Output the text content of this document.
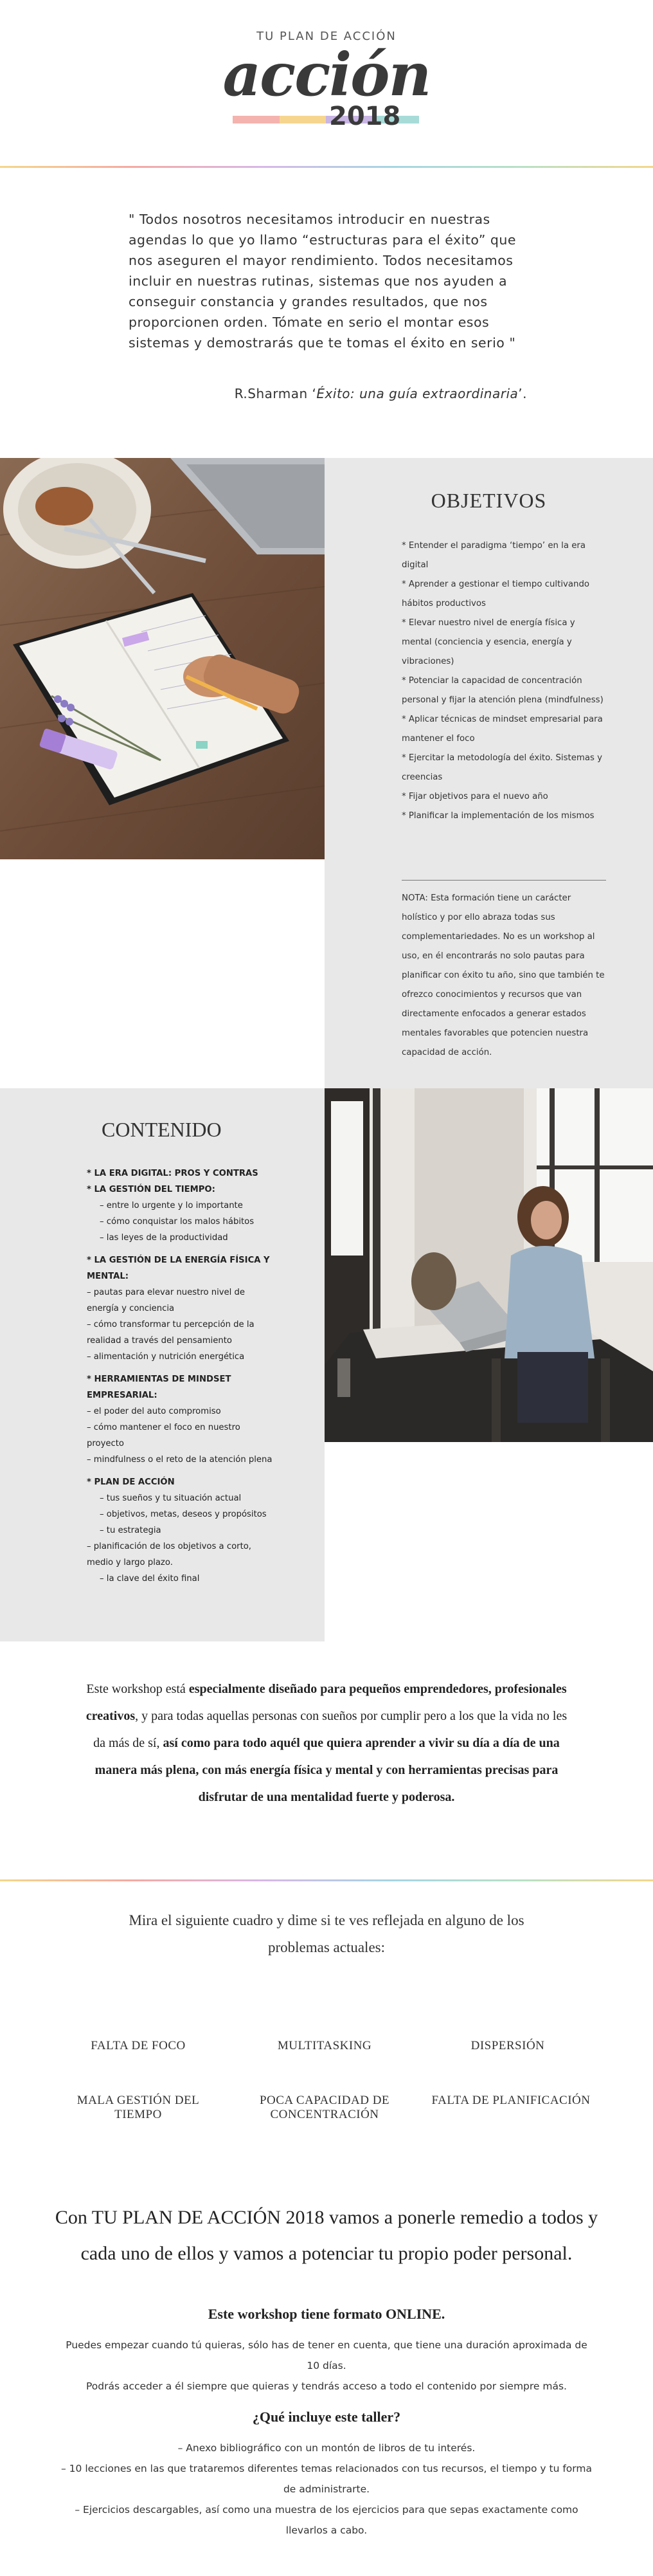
TU PLAN DE ACCIÓN
acción
2018
" Todos nosotros necesitamos introducir en nuestras agendas lo que yo llamo “estructuras para el éxito” que nos aseguren el mayor rendimiento. Todos necesitamos incluir en nuestras rutinas, sistemas que nos ayuden a conseguir constancia y grandes resultados, que nos proporcionen orden. Tómate en serio el montar esos sistemas y demostrarás que te tomas el éxito en serio "
R.Sharman ‘Éxito: una guía extraordinaria’.
OBJETIVOS
* Entender el paradigma ‘tiempo’ en la era digital
* Aprender a gestionar el tiempo cultivando hábitos productivos
* Elevar nuestro nivel de energía física y mental (conciencia y esencia, energía y vibraciones)
* Potenciar la capacidad de concentración personal y fijar la atención plena (mindfulness)
* Aplicar técnicas de mindset empresarial para mantener el foco
* Ejercitar la metodología del éxito. Sistemas y creencias
* Fijar objetivos para el nuevo año
* Planificar la implementación de los mismos

NOTA: Esta formación tiene un carácter holístico y por ello abraza todas sus complementariedades. No es un workshop al uso, en él encontrarás no solo pautas para planificar con éxito tu año, sino que también te ofrezco conocimientos y recursos que van directamente enfocados a generar estados mentales favorables que potencien nuestra capacidad de acción.

CONTENIDO
* LA ERA DIGITAL: PROS Y CONTRAS
* LA GESTIÓN DEL TIEMPO:
– entre lo urgente y lo importante
– cómo conquistar los malos hábitos
– las leyes de la productividad
* LA GESTIÓN DE LA ENERGÍA FÍSICA Y MENTAL:
– pautas para elevar nuestro nivel de energía y conciencia
– cómo transformar tu percepción de la realidad a través del pensamiento
– alimentación y nutrición energética
* HERRAMIENTAS DE MINDSET EMPRESARIAL:
– el poder del auto compromiso
– cómo mantener el foco en nuestro proyecto
– mindfulness o el reto de la atención plena
* PLAN DE ACCIÓN
– tus sueños y tu situación actual
– objetivos, metas, deseos y propósitos
– tu estrategia
– planificación de los objetivos a corto, medio y largo plazo.
– la clave del éxito final
Este workshop está especialmente diseñado para pequeños emprendedores, profesionales creativos, y para todas aquellas personas con sueños por cumplir pero a los que la vida no les da más de sí, así como para todo aquél que quiera aprender a vivir su día a día de una manera más plena, con más energía física y mental y con herramientas precisas para disfrutar de una mentalidad fuerte y poderosa.
Mira el siguiente cuadro y dime si te ves reflejada en alguno de los problemas actuales:
FALTA DE FOCO	MULTITASKING	DISPERSIÓN
MALA GESTIÓN DEL TIEMPO
POCA CAPACIDAD DE CONCENTRACIÓN
FALTA DE PLANIFICACIÓN
Con TU PLAN DE ACCIÓN 2018 vamos a ponerle remedio a todos y cada uno de ellos y vamos a potenciar tu propio poder personal.
Este workshop tiene formato ONLINE.
Puedes empezar cuando tú quieras, sólo has de tener en cuenta, que tiene una duración aproximada de 10 días.
Podrás acceder a él siempre que quieras y tendrás acceso a todo el contenido por siempre más.
¿Qué incluye este taller?
– Anexo bibliográfico con un montón de libros de tu interés.
– 10 lecciones en las que trataremos diferentes temas relacionados con tus recursos, el tiempo y tu forma de administrarte.
– Ejercicios descargables, así como una muestra de los ejercicios para que sepas exactamente como llevarlos a cabo.
